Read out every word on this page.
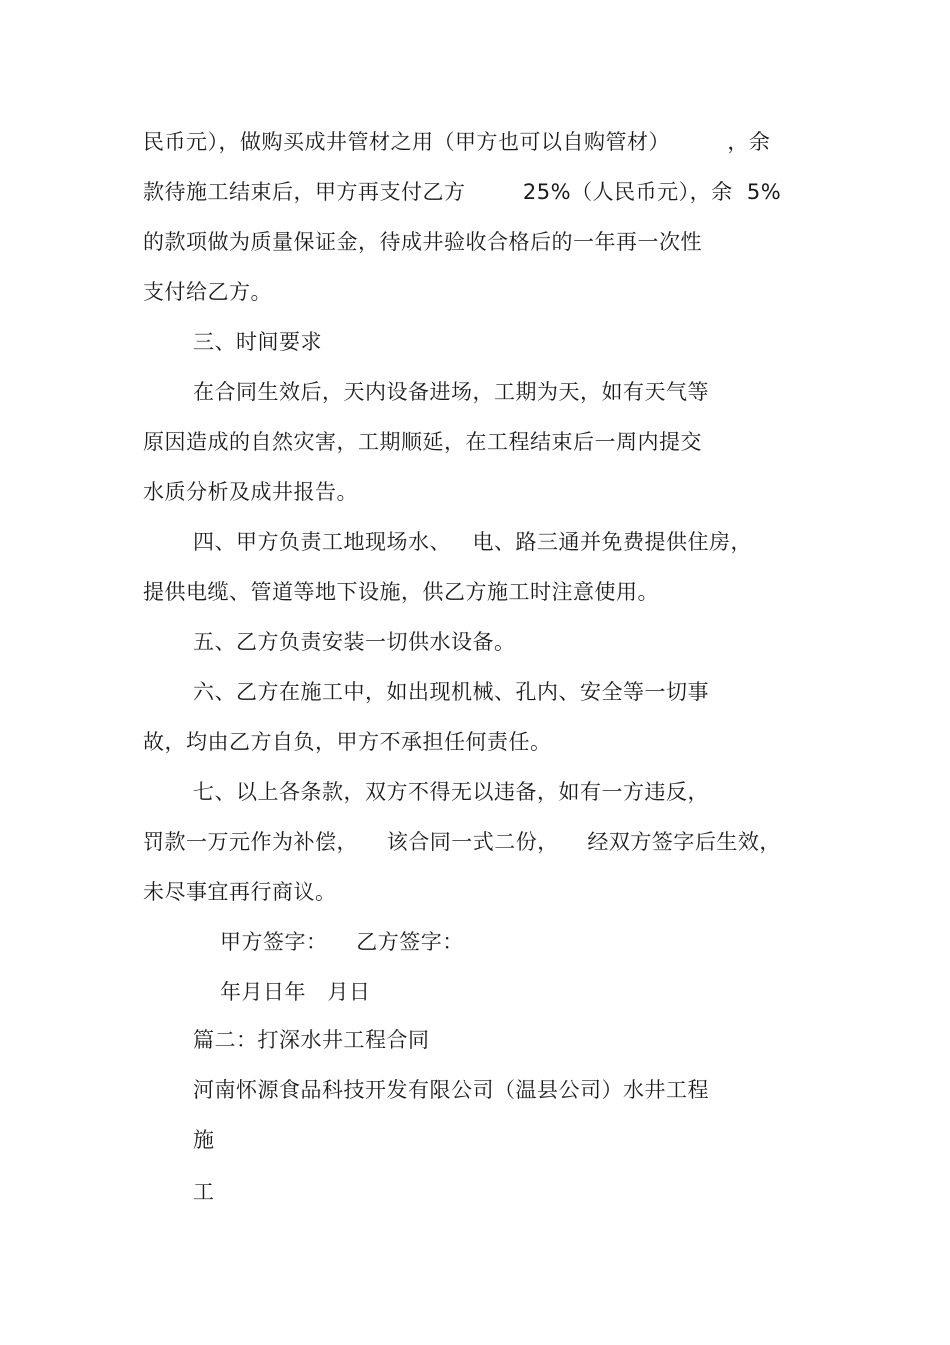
民币元），做购买成井管材之用（甲方也可以自购管材）        ，余
款待施工结束后，甲方再支付乙方        25%（人民币元），余  5%
的款项做为质量保证金，待成井验收合格后的一年再一次性
支付给乙方。
三、时间要求
在合同生效后，天内设备进场，工期为天，如有天气等
原因造成的自然灾害，工期顺延，在工程结束后一周内提交
水质分析及成井报告。
四、甲方负责工地现场水、   电、路三通并免费提供住房，
提供电缆、管道等地下设施，供乙方施工时注意使用。
五、乙方负责安装一切供水设备。
六、乙方在施工中，如出现机械、孔内、安全等一切事
故，均由乙方自负，甲方不承担任何责任。
七、以上各条款，双方不得无以违备，如有一方违反，
罚款一万元作为补偿，    该合同一式二份，    经双方签字后生效，
未尽事宜再行商议。
甲方签字：    乙方签字：
年月日年   月日
篇二：打深水井工程合同
河南怀源食品科技开发有限公司（温县公司）水井工程
施
工
